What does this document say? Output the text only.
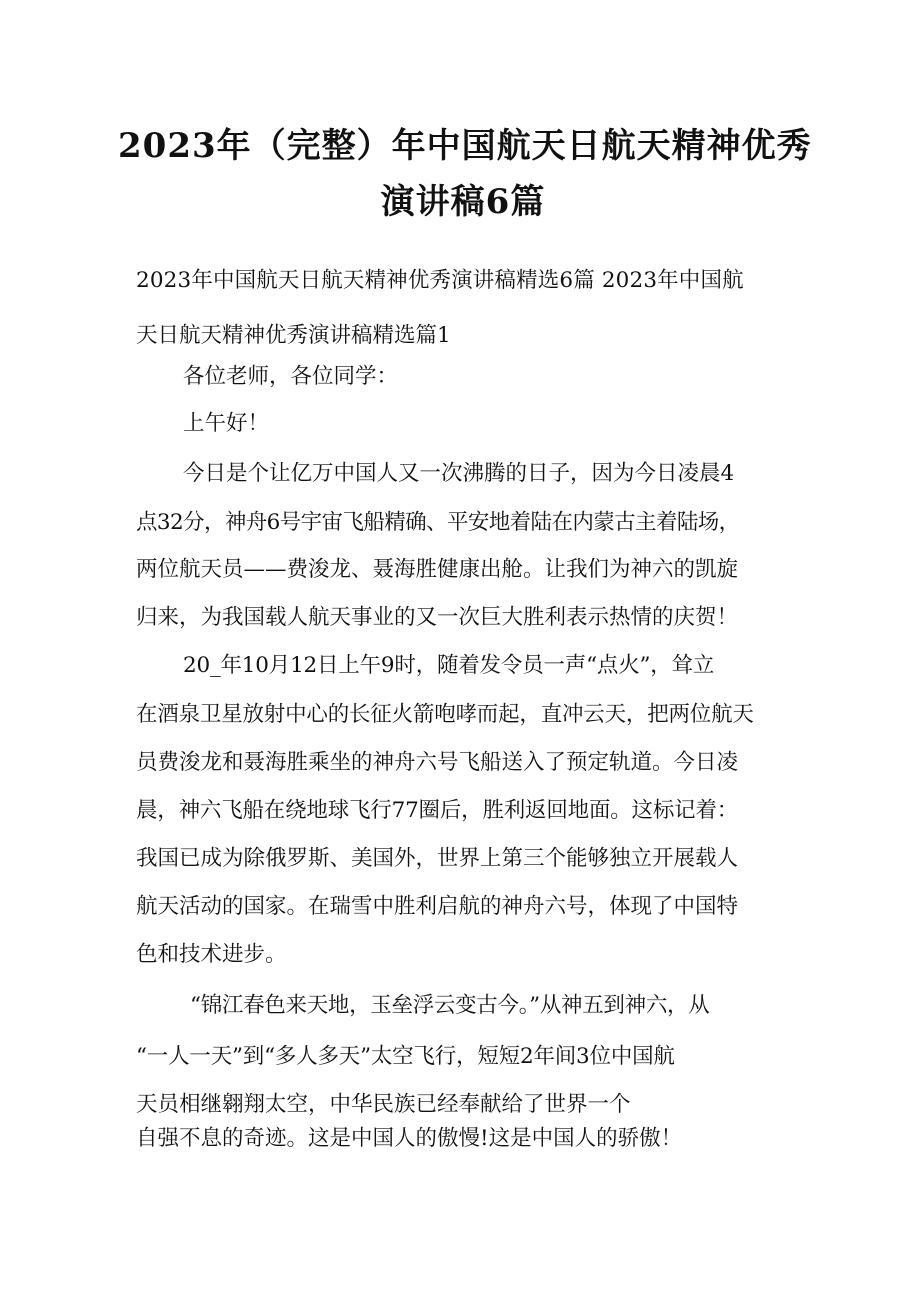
2023年（完整）年中国航天日航天精神优秀
演讲稿6篇

2023年中国航天日航天精神优秀演讲稿精选6篇 2023年中国航

天日航天精神优秀演讲稿精选篇1

各位老师，各位同学：

上午好！

今日是个让亿万中国人又一次沸腾的日子，因为今日凌晨4

点32分，神舟6号宇宙飞船精确、平安地着陆在内蒙古主着陆场，

两位航天员——费浚龙、聂海胜健康出舱。让我们为神六的凯旋

归来，为我国载人航天事业的又一次巨大胜利表示热情的庆贺！

20_年10月12日上午9时，随着发令员一声“点火”，耸立

在酒泉卫星放射中心的长征火箭咆哮而起，直冲云天，把两位航天

员费浚龙和聂海胜乘坐的神舟六号飞船送入了预定轨道。今日凌

晨，神六飞船在绕地球飞行77圈后，胜利返回地面。这标记着：

我国已成为除俄罗斯、美国外，世界上第三个能够独立开展载人

航天活动的国家。在瑞雪中胜利启航的神舟六号，体现了中国特

色和技术进步。

“锦江春色来天地，玉垒浮云变古今。”从神五到神六，从

“一人一天”到“多人多天”太空飞行，短短2年间3位中国航

天员相继翱翔太空，中华民族已经奉献给了世界一个

自强不息的奇迹。这是中国人的傲慢!这是中国人的骄傲！
